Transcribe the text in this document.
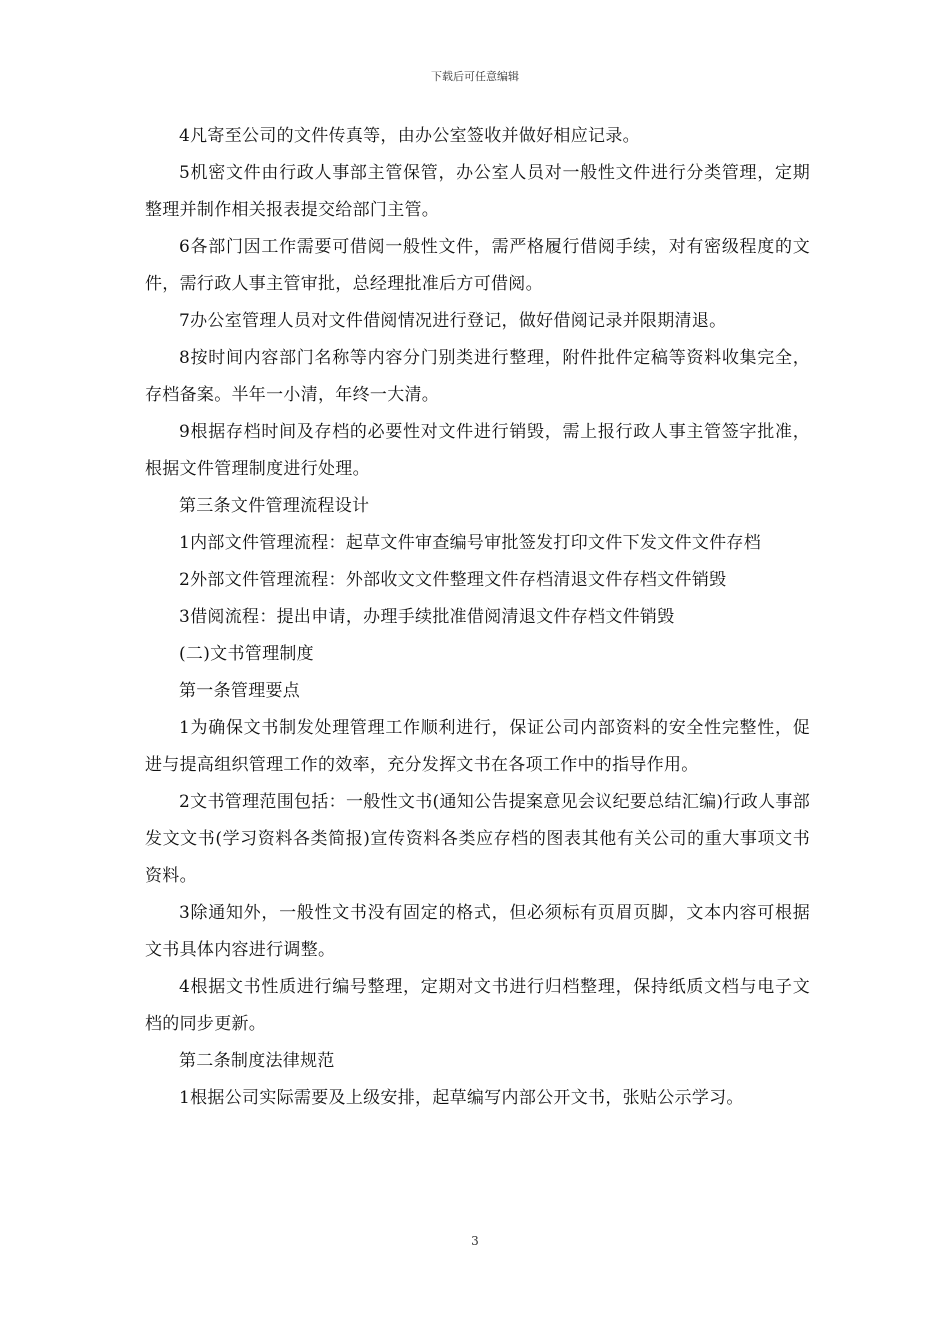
下载后可任意编辑

4凡寄至公司的文件传真等，由办公室签收并做好相应记录。

5机密文件由行政人事部主管保管，办公室人员对一般性文件进行分类管理，定期整理并制作相关报表提交给部门主管。

6各部门因工作需要可借阅一般性文件，需严格履行借阅手续，对有密级程度的文件，需行政人事主管审批，总经理批准后方可借阅。

7办公室管理人员对文件借阅情况进行登记，做好借阅记录并限期清退。

8按时间内容部门名称等内容分门别类进行整理，附件批件定稿等资料收集完全，存档备案。半年一小清，年终一大清。

9根据存档时间及存档的必要性对文件进行销毁，需上报行政人事主管签字批准，根据文件管理制度进行处理。

第三条文件管理流程设计

1内部文件管理流程：起草文件审查编号审批签发打印文件下发文件文件存档

2外部文件管理流程：外部收文文件整理文件存档清退文件存档文件销毁

3借阅流程：提出申请，办理手续批准借阅清退文件存档文件销毁

(二)文书管理制度

第一条管理要点

1为确保文书制发处理管理工作顺利进行，保证公司内部资料的安全性完整性，促进与提高组织管理工作的效率，充分发挥文书在各项工作中的指导作用。

2文书管理范围包括：一般性文书(通知公告提案意见会议纪要总结汇编)行政人事部发文文书(学习资料各类简报)宣传资料各类应存档的图表其他有关公司的重大事项文书资料。

3除通知外，一般性文书没有固定的格式，但必须标有页眉页脚，文本内容可根据文书具体内容进行调整。

4根据文书性质进行编号整理，定期对文书进行归档整理，保持纸质文档与电子文档的同步更新。

第二条制度法律规范

1根据公司实际需要及上级安排，起草编写内部公开文书，张贴公示学习。

3
